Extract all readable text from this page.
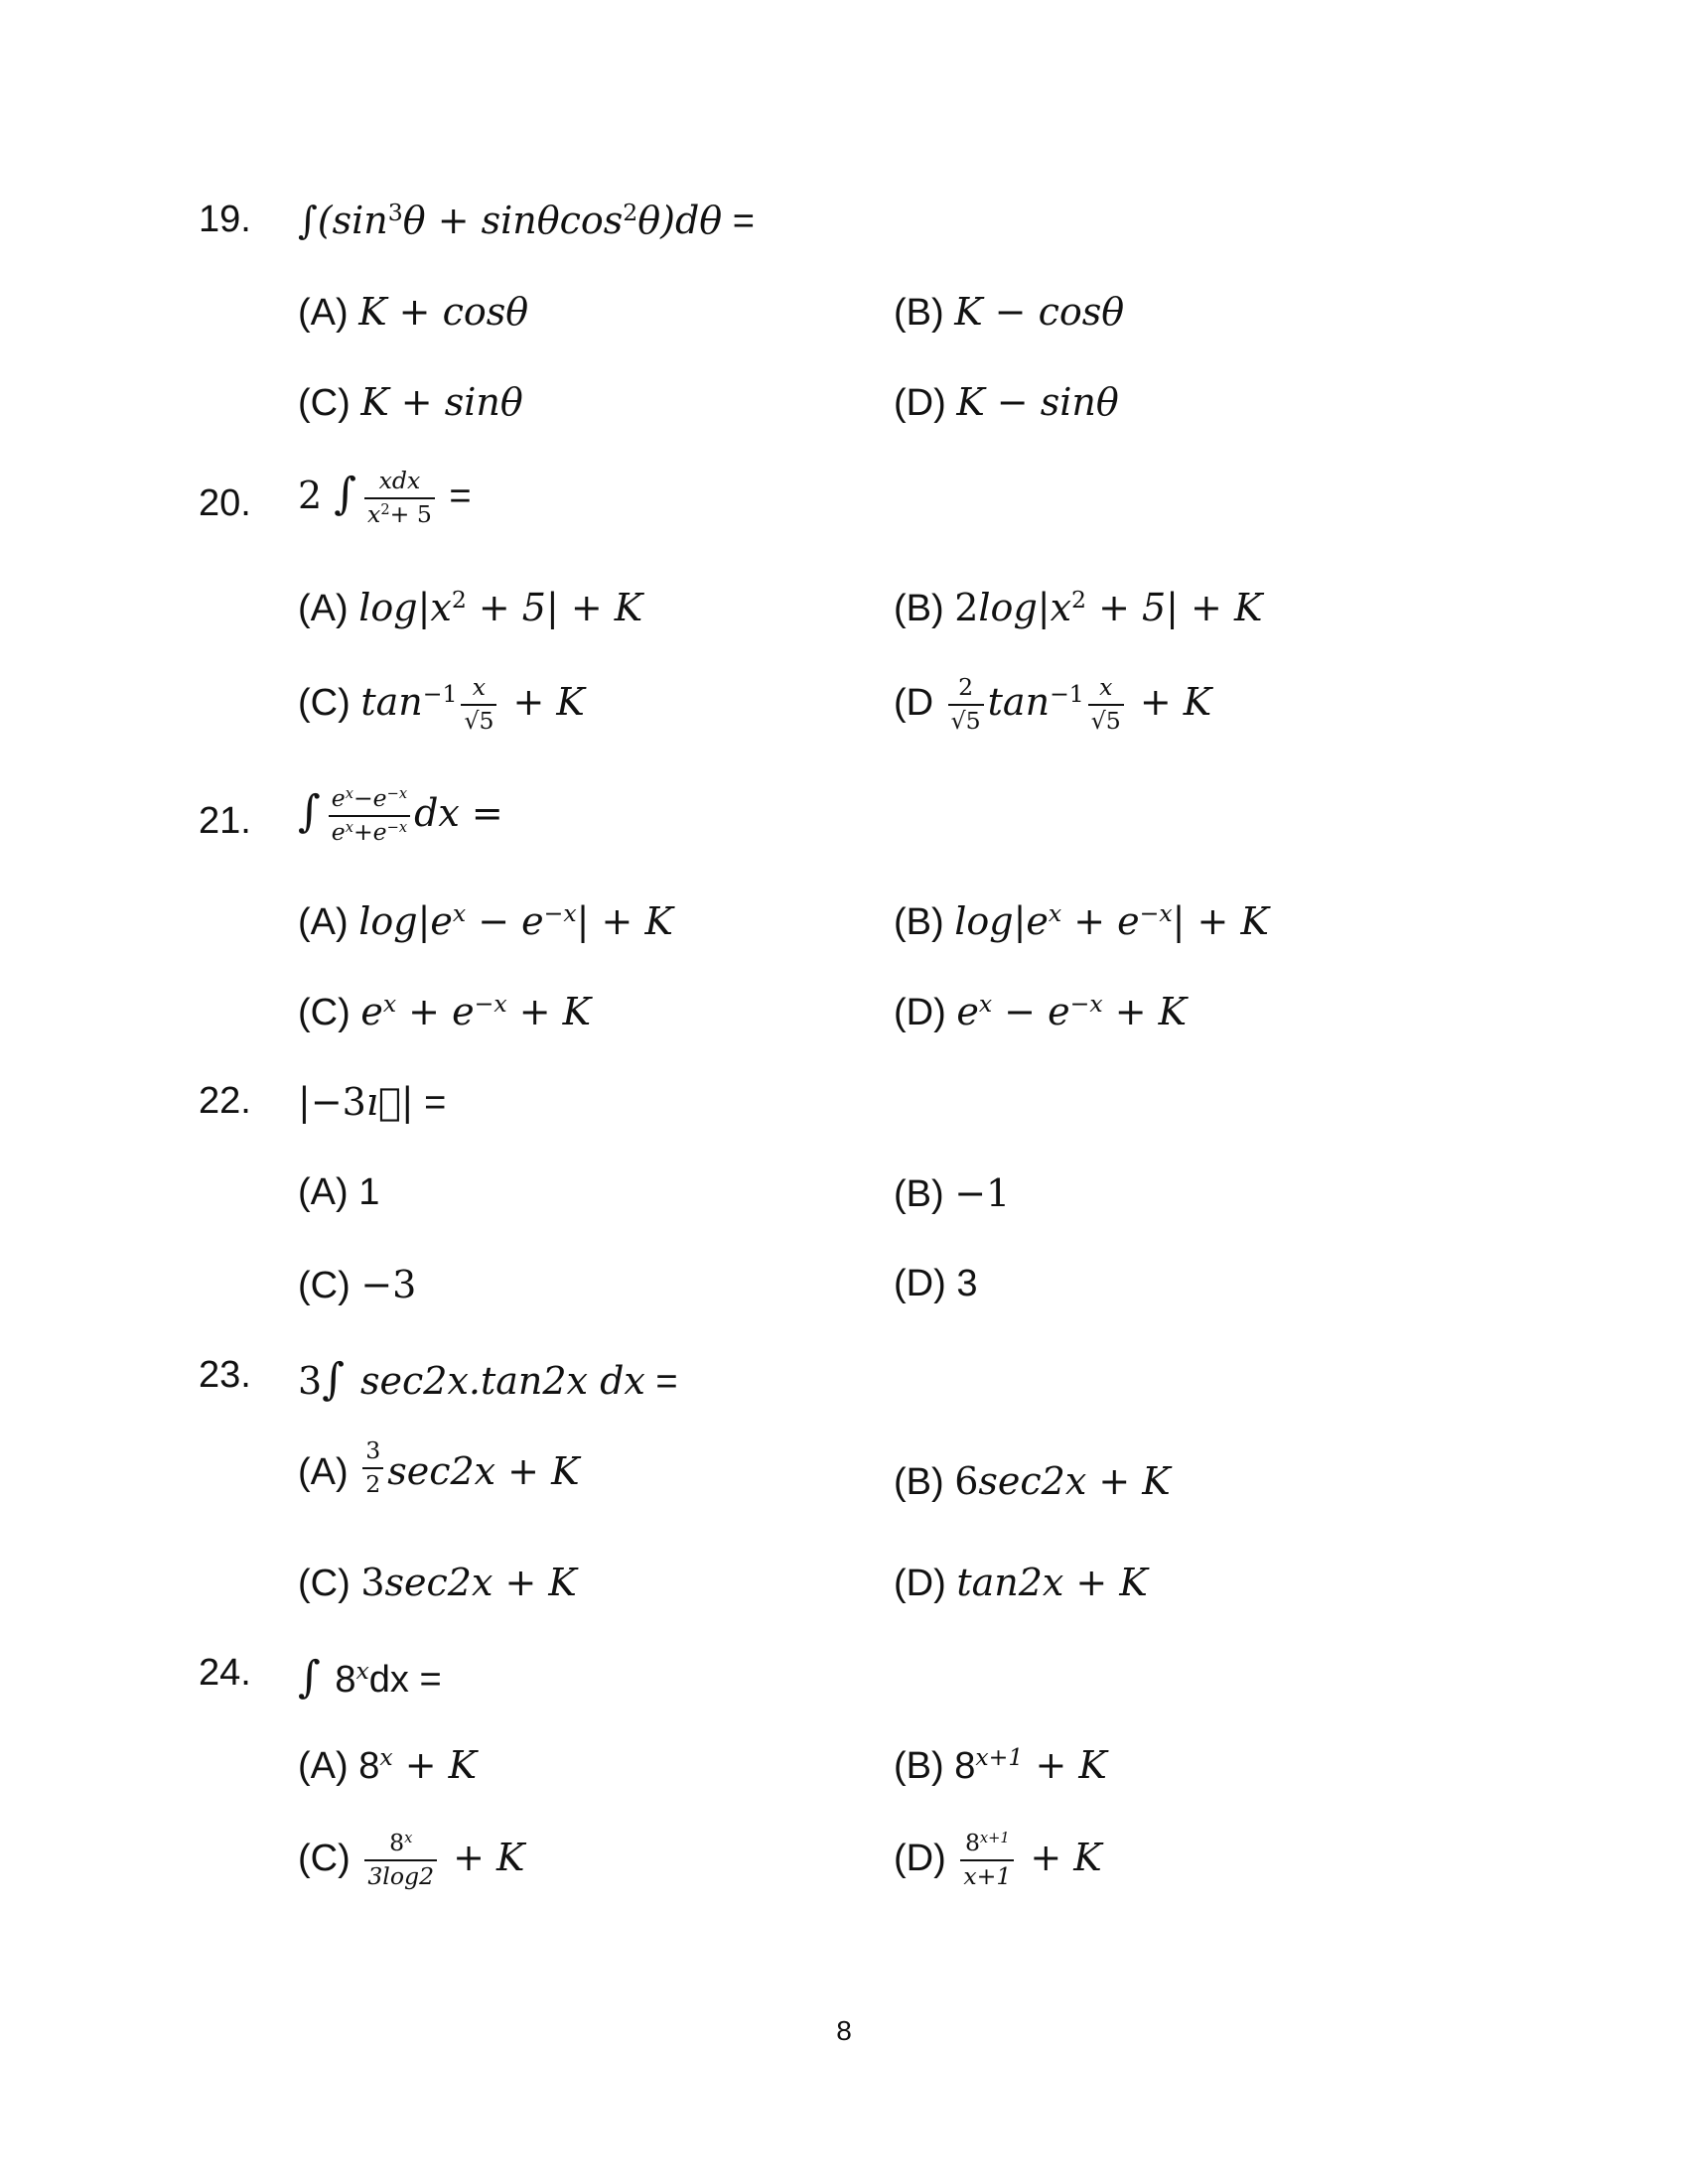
19. $\int(\sin^3\theta + \sin\theta\cos^2\theta)d\theta$ =
(A) K + cosθ	(B) K − cosθ
(C) K + sinθ	(D) K − sinθ
20. 2 ∫ $\frac{\text{xdx}}{x^2+ 5}$ =
(A) $\log|x^2 + 5| + K$	(B) $2\log|x^2 + 5| + K$
(C) $\tan^{-1} \frac{x}{√5} + K$	($D \frac{2}{√5} \tan^{-1} \frac{x}{√5} + K$
21. ∫ $\frac{e^x-e^{-x}}{e^x+e^{-x}}$ dx =
(A) $\log|e^x - e^{-x}| + K$	(B) $\log|e^x + e^{-x}| + K$
(C) $e^x + e^{-x} + K$	(D) $e^x - e^{-x} + K$
22. |−3ı⃗| =
(A) 1	(B) −1
(C) −3	(D) 3
23. 3∫ sec2x.tan2x dx =
$(A) \frac{3}{2} \sec 2x + K$	(B) 6sec2x + K
(C) 3sec2x + K	(D) tan2x + K
24. ∫ $8^xdx$ =
(A) $8^x + K$	(B) $8^{x+1} + K$
$(C) \frac{8^x}{3\log 2} + K$	$(D) \frac{8^{x+1}}{x+1} + K$
8
